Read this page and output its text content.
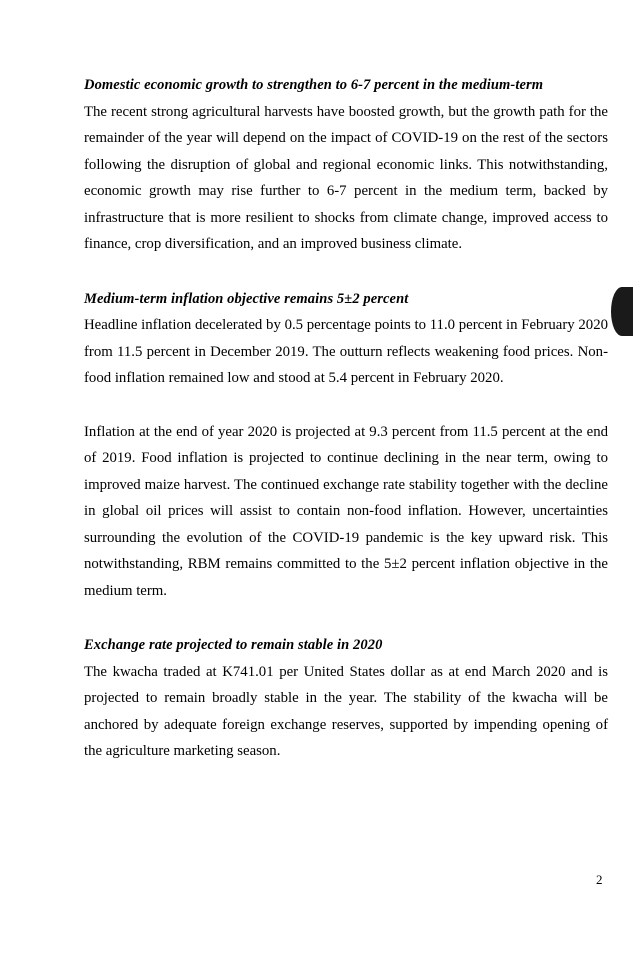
Domestic economic growth to strengthen to 6-7 percent in the medium-term

The recent strong agricultural harvests have boosted growth, but the growth path for the remainder of the year will depend on the impact of COVID-19 on the rest of the sectors following the disruption of global and regional economic links. This notwithstanding, economic growth may rise further to 6-7 percent in the medium term, backed by infrastructure that is more resilient to shocks from climate change, improved access to finance, crop diversification, and an improved business climate.

Medium-term inflation objective remains 5±2 percent

Headline inflation decelerated by 0.5 percentage points to 11.0 percent in February 2020 from 11.5 percent in December 2019. The outturn reflects weakening food prices. Non-food inflation remained low and stood at 5.4 percent in February 2020.

Inflation at the end of year 2020 is projected at 9.3 percent from 11.5 percent at the end of 2019. Food inflation is projected to continue declining in the near term, owing to improved maize harvest. The continued exchange rate stability together with the decline in global oil prices will assist to contain non-food inflation. However, uncertainties surrounding the evolution of the COVID-19 pandemic is the key upward risk. This notwithstanding, RBM remains committed to the 5±2 percent inflation objective in the medium term.

Exchange rate projected to remain stable in 2020

The kwacha traded at K741.01 per United States dollar as at end March 2020 and is projected to remain broadly stable in the year. The stability of the kwacha will be anchored by adequate foreign exchange reserves, supported by impending opening of the agriculture marketing season.

2
